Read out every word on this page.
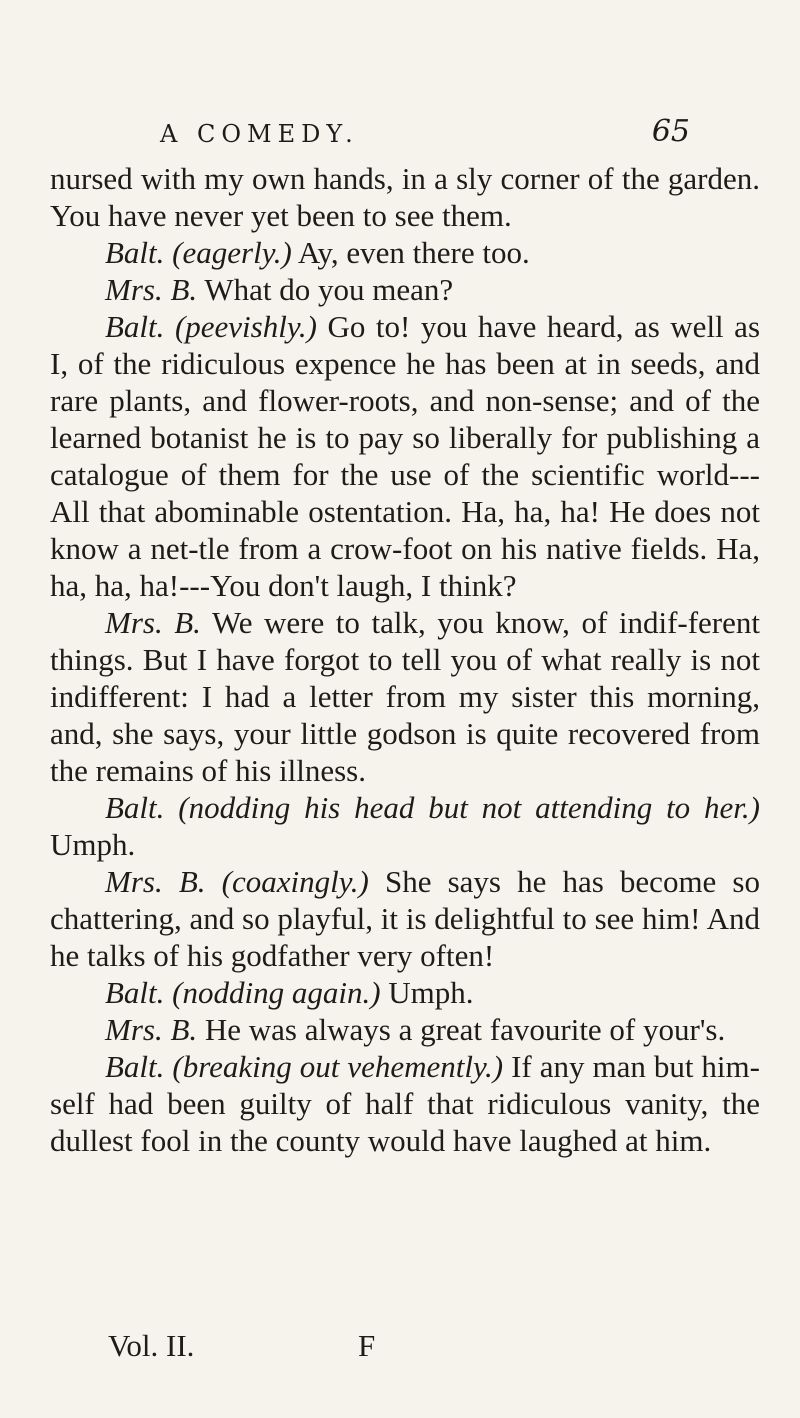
A COMEDY.	65

nursed with my own hands, in a sly corner of the garden. You have never yet been to see them.

Balt. (eagerly.) Ay, even there too.

Mrs. B. What do you mean?

Balt. (peevishly.) Go to! you have heard, as well as I, of the ridiculous expence he has been at in seeds, and rare plants, and flower-roots, and non-sense; and of the learned botanist he is to pay so liberally for publishing a catalogue of them for the use of the scientific world---All that abominable ostentation. Ha, ha, ha! He does not know a net-tle from a crow-foot on his native fields. Ha, ha, ha, ha!---You don't laugh, I think?

Mrs. B. We were to talk, you know, of indif-ferent things. But I have forgot to tell you of what really is not indifferent: I had a letter from my sister this morning, and, she says, your little godson is quite recovered from the remains of his illness.

Balt. (nodding his head but not attending to her.) Umph.

Mrs. B. (coaxingly.) She says he has become so chattering, and so playful, it is delightful to see him! And he talks of his godfather very often!

Balt. (nodding again.) Umph.

Mrs. B. He was always a great favourite of your's.

Balt. (breaking out vehemently.) If any man but him-self had been guilty of half that ridiculous vanity, the dullest fool in the county would have laughed at him.

Vol. II.	F
